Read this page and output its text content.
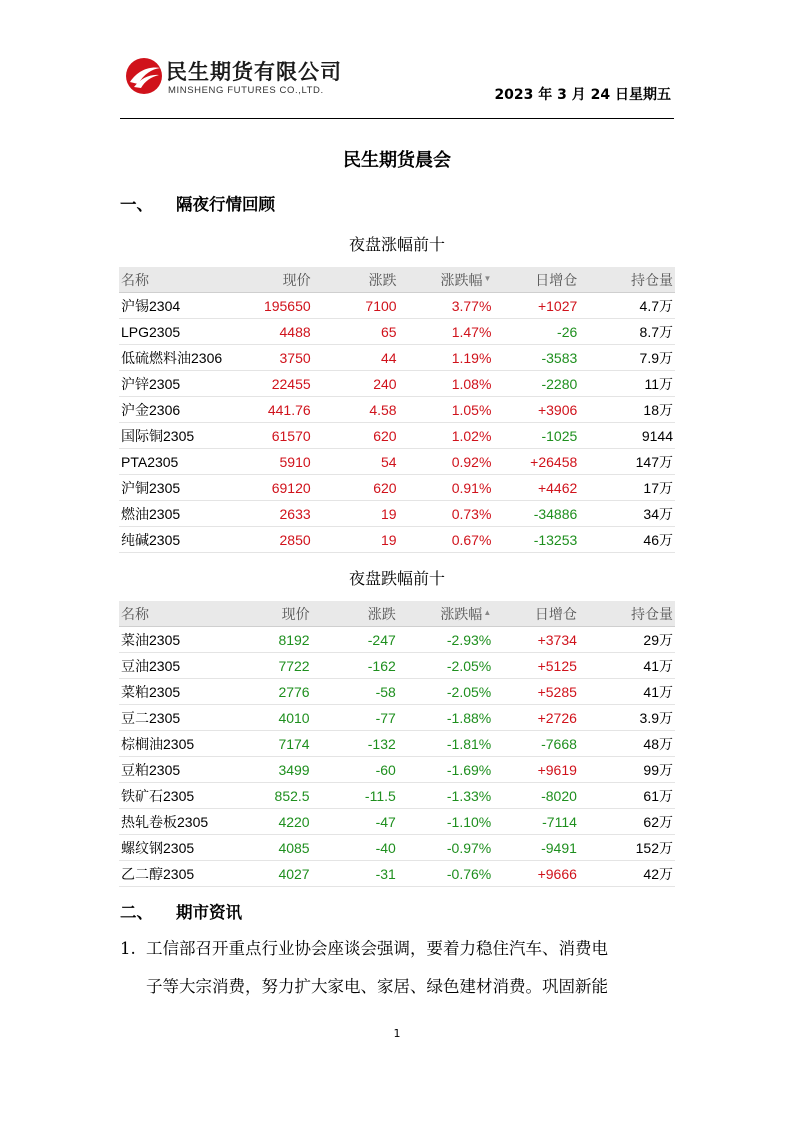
民生期货有限公司
MINSHENG FUTURES CO.,LTD.	2023 年 3 月 24 日星期五
民生期货晨会
一、 隔夜行情回顾
夜盘涨幅前十
名称	现价	涨跌	涨跌幅▼	日增仓	持仓量
沪锡2304	195650	7100	3.77%	+1027	4.7万
LPG2305	4488	65	1.47%	-26	8.7万
低硫燃料油2306	3750	44	1.19%	-3583	7.9万
沪锌2305	22455	240	1.08%	-2280	11万
沪金2306	441.76	4.58	1.05%	+3906	18万
国际铜2305	61570	620	1.02%	-1025	9144
PTA2305	5910	54	0.92%	+26458	147万
沪铜2305	69120	620	0.91%	+4462	17万
燃油2305	2633	19	0.73%	-34886	34万
纯碱2305	2850	19	0.67%	-13253	46万
夜盘跌幅前十
名称	现价	涨跌	涨跌幅▲	日增仓	持仓量
菜油2305	8192	-247	-2.93%	+3734	29万
豆油2305	7722	-162	-2.05%	+5125	41万
菜粕2305	2776	-58	-2.05%	+5285	41万
豆二2305	4010	-77	-1.88%	+2726	3.9万
棕榈油2305	7174	-132	-1.81%	-7668	48万
豆粕2305	3499	-60	-1.69%	+9619	99万
铁矿石2305	852.5	-11.5	-1.33%	-8020	61万
热轧卷板2305	4220	-47	-1.10%	-7114	62万
螺纹钢2305	4085	-40	-0.97%	-9491	152万
乙二醇2305	4027	-31	-0.76%	+9666	42万
二、 期市资讯
1. 工信部召开重点行业协会座谈会强调，要着力稳住汽车、消费电
子等大宗消费，努力扩大家电、家居、绿色建材消费。巩固新能
1
